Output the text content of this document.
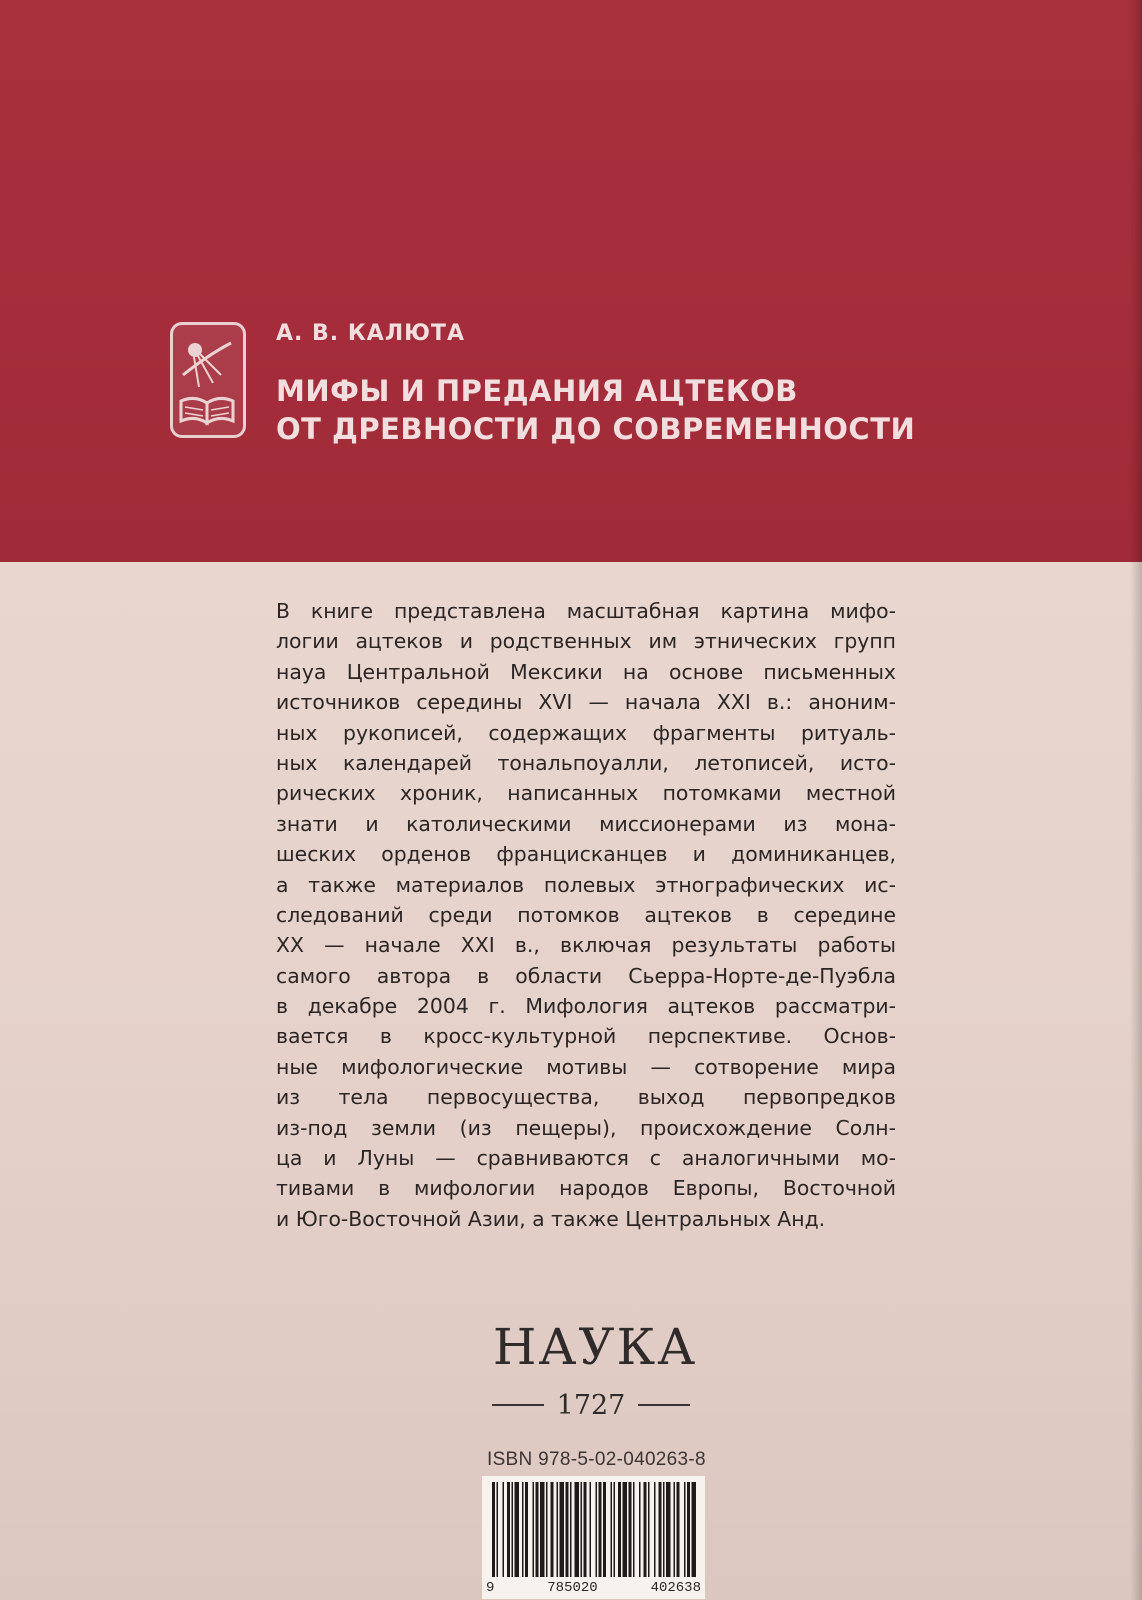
А. В. КАЛЮТА
МИФЫ И ПРЕДАНИЯ АЦТЕКОВ
ОТ ДРЕВНОСТИ ДО СОВРЕМЕННОСТИ
В книге представлена масштабная картина мифо-
логии ацтеков и родственных им этнических групп
науа Центральной Мексики на основе письменных
источников середины XVI — начала XXI в.: аноним-
ных рукописей, содержащих фрагменты ритуаль-
ных календарей тональпоуалли, летописей, исто-
рических хроник, написанных потомками местной
знати и католическими миссионерами из мона-
шеских орденов францисканцев и доминиканцев,
а также материалов полевых этнографических ис-
следований среди потомков ацтеков в середине
XX — начале XXI в., включая результаты работы
самого автора в области Сьерра-Норте-де-Пуэбла
в декабре 2004 г. Мифология ацтеков рассматри-
вается в кросс-культурной перспективе. Основ-
ные мифологические мотивы — сотворение мира
из тела первосущества, выход первопредков
из-под земли (из пещеры), происхождение Солн-
ца и Луны — сравниваются с аналогичными мо-
тивами в мифологии народов Европы, Восточной
и Юго-Восточной Азии, а также Центральных Анд.
НАУКА
1727
ISBN 978-5-02-040263-8
9	785020	402638
